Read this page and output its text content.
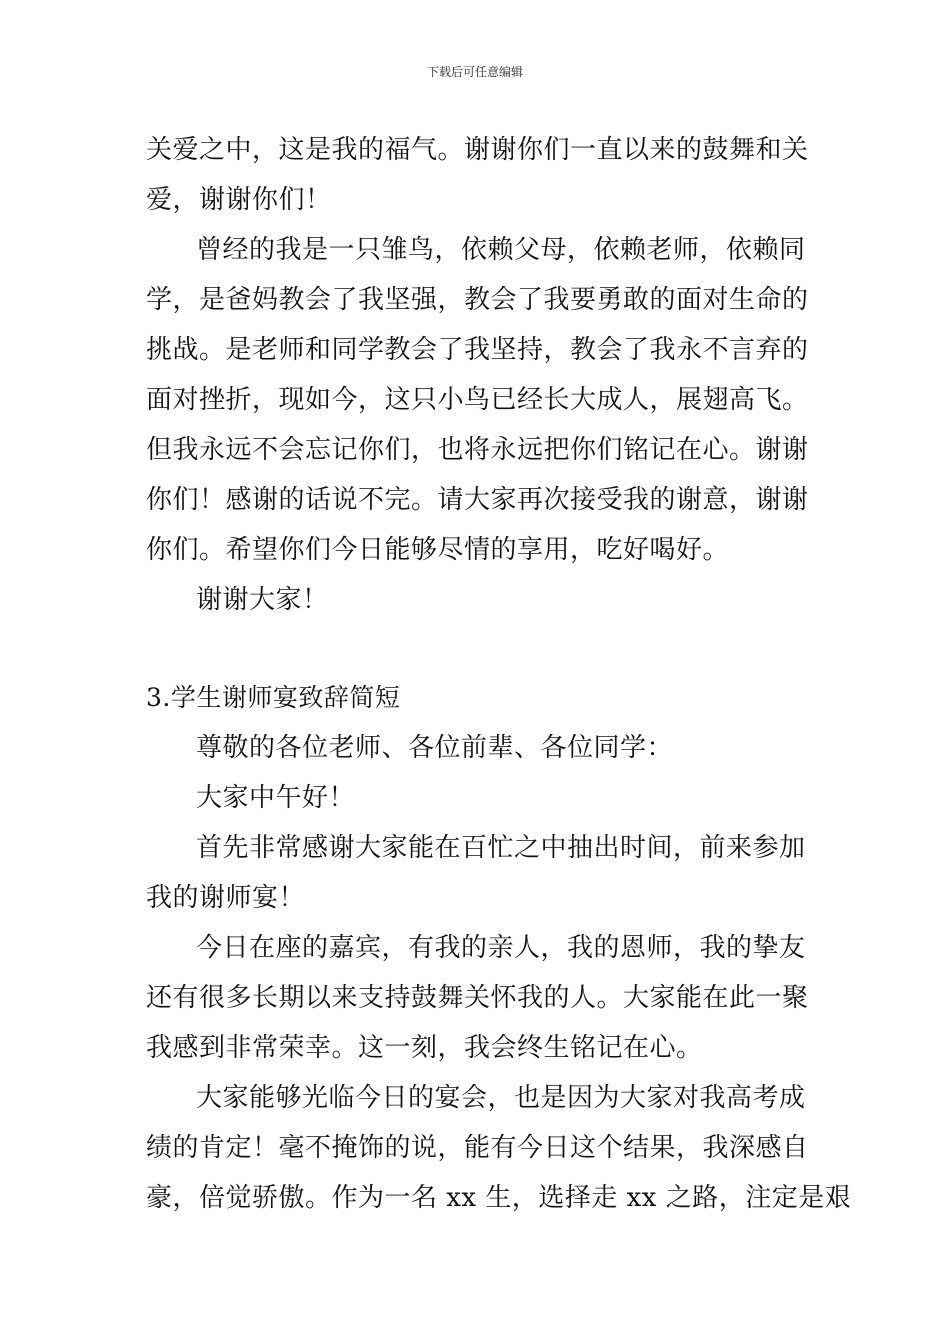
下载后可任意编辑
关爱之中，这是我的福气。谢谢你们一直以来的鼓舞和关
爱，谢谢你们！
曾经的我是一只雏鸟，依赖父母，依赖老师，依赖同
学，是爸妈教会了我坚强，教会了我要勇敢的面对生命的
挑战。是老师和同学教会了我坚持，教会了我永不言弃的
面对挫折，现如今，这只小鸟已经长大成人，展翅高飞。
但我永远不会忘记你们，也将永远把你们铭记在心。谢谢
你们！感谢的话说不完。请大家再次接受我的谢意，谢谢
你们。希望你们今日能够尽情的享用，吃好喝好。
谢谢大家！
3.学生谢师宴致辞简短
尊敬的各位老师、各位前辈、各位同学：
大家中午好！
首先非常感谢大家能在百忙之中抽出时间，前来参加
我的谢师宴！
今日在座的嘉宾，有我的亲人，我的恩师，我的挚友
还有很多长期以来支持鼓舞关怀我的人。大家能在此一聚
我感到非常荣幸。这一刻，我会终生铭记在心。
大家能够光临今日的宴会，也是因为大家对我高考成
绩的肯定！毫不掩饰的说，能有今日这个结果，我深感自
豪，倍觉骄傲。作为一名 xx 生，选择走 xx 之路，注定是艰
